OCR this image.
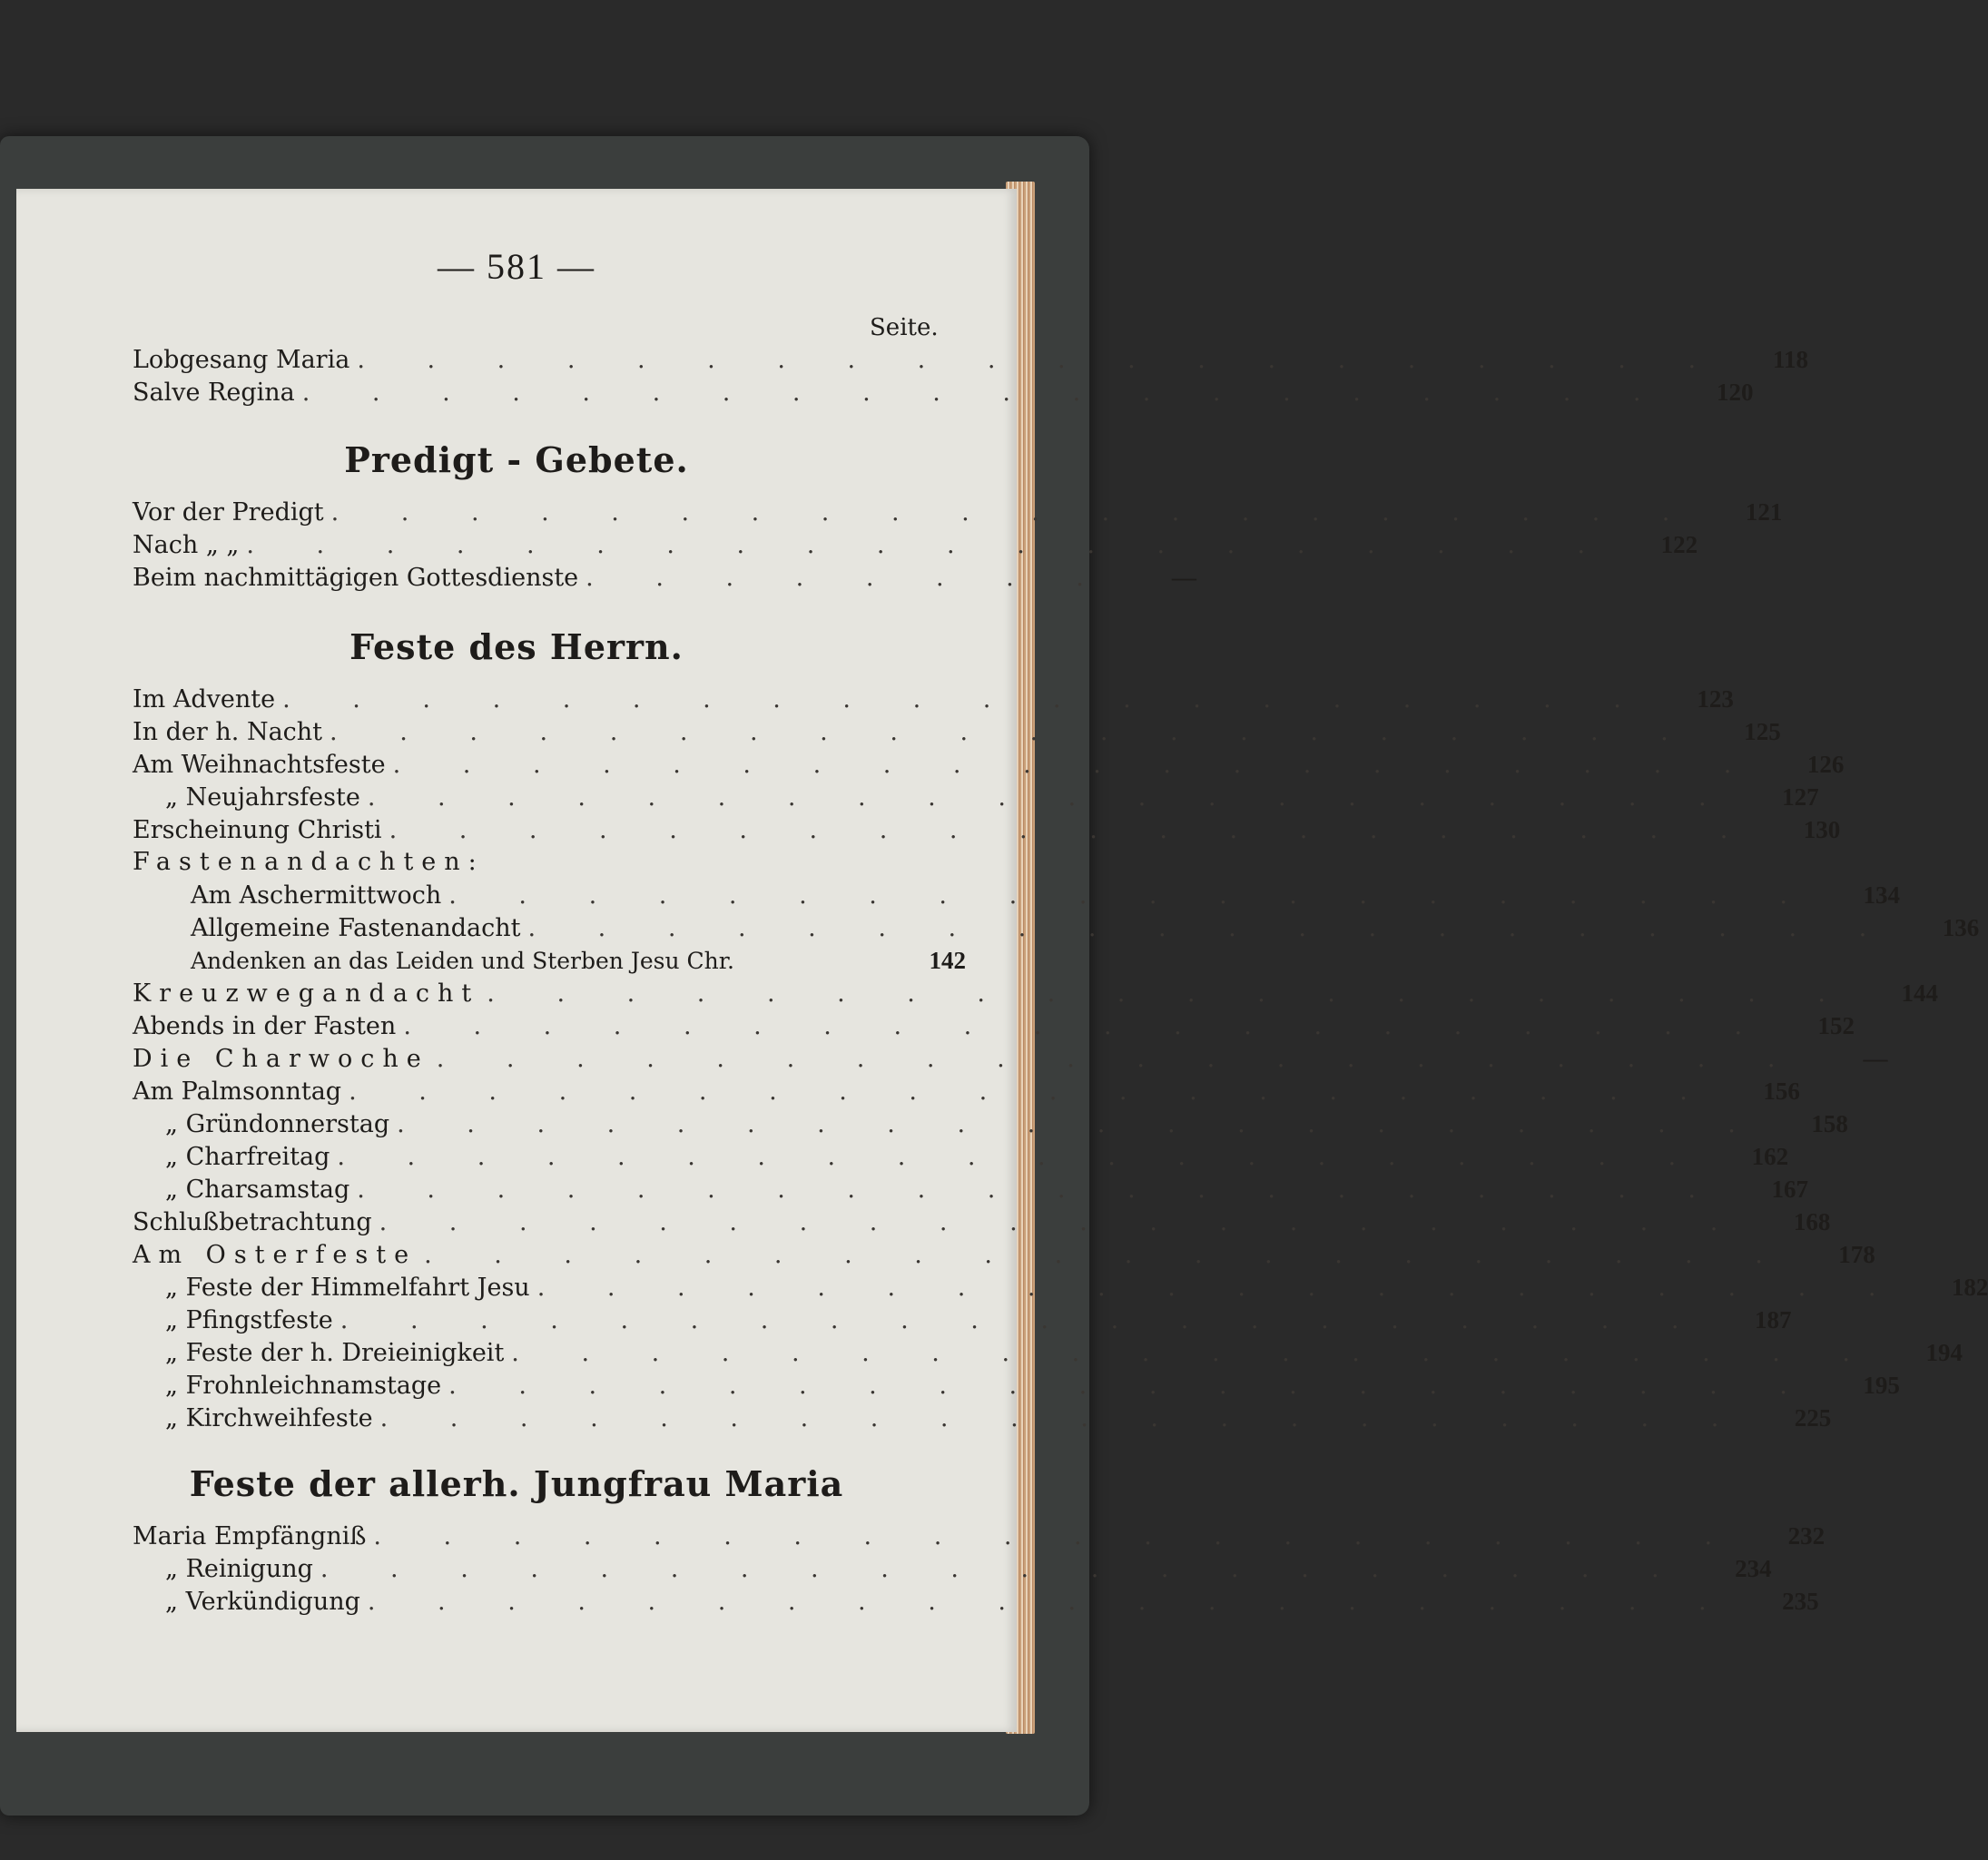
— 581 —
Seite.
Lobgesang Maria . . . . . . . . . . . . . . . . . . . .	118
Salve Regina . . . . . . . . . . . . . . . . . . . .	120
Predigt - Gebete.
Vor der Predigt . . . . . . . . . . . . . . . . . . . .	121
Nach „ „ . . . . . . . . . . . . . . . . . . . .	122
Beim nachmittägigen Gottesdienste . . . . . . . .	—
Feste des Herrn.
Im Advente . . . . . . . . . . . . . . . . . . . .	123
In der h. Nacht . . . . . . . . . . . . . . . . . . . .	125
Am Weihnachtsfeste . . . . . . . . . . . . . . . . . . . .	126
„ Neujahrsfeste . . . . . . . . . . . . . . . . . . . .	127
Erscheinung Christi . . . . . . . . . . . . . . . . . . . .	130
Fastenandachten:
Am Aschermittwoch . . . . . . . . . . . . . . . . . . . .	134
Allgemeine Fastenandacht . . . . . . . . . . . . . . . . . . . .	136
Andenken an das Leiden und Sterben Jesu Chr.	142
Kreuzwegandacht . . . . . . . . . . . . . . . . . . . .	144
Abends in der Fasten . . . . . . . . . . . . . . . . . . . .	152
Die Charwoche . . . . . . . . . . . . . . . . . . . .	—
Am Palmsonntag . . . . . . . . . . . . . . . . . . . .	156
„ Gründonnerstag . . . . . . . . . . . . . . . . . . . .	158
„ Charfreitag . . . . . . . . . . . . . . . . . . . .	162
„ Charsamstag . . . . . . . . . . . . . . . . . . . .	167
Schlußbetrachtung . . . . . . . . . . . . . . . . . . . .	168
Am Osterfeste . . . . . . . . . . . . . . . . . . . .	178
„ Feste der Himmelfahrt Jesu . . . . . . . . . . . . . . . . . . . .	182
„ Pfingstfeste . . . . . . . . . . . . . . . . . . . .	187
„ Feste der h. Dreieinigkeit . . . . . . . . . . . . . . . . . . . .	194
„ Frohnleichnamstage . . . . . . . . . . . . . . . . . . . .	195
„ Kirchweihfeste . . . . . . . . . . . . . . . . . . . .	225
Feste der allerh. Jungfrau Maria
Maria Empfängniß . . . . . . . . . . . . . . . . . . . .	232
„ Reinigung . . . . . . . . . . . . . . . . . . . .	234
„ Verkündigung . . . . . . . . . . . . . . . . . . . .	235
